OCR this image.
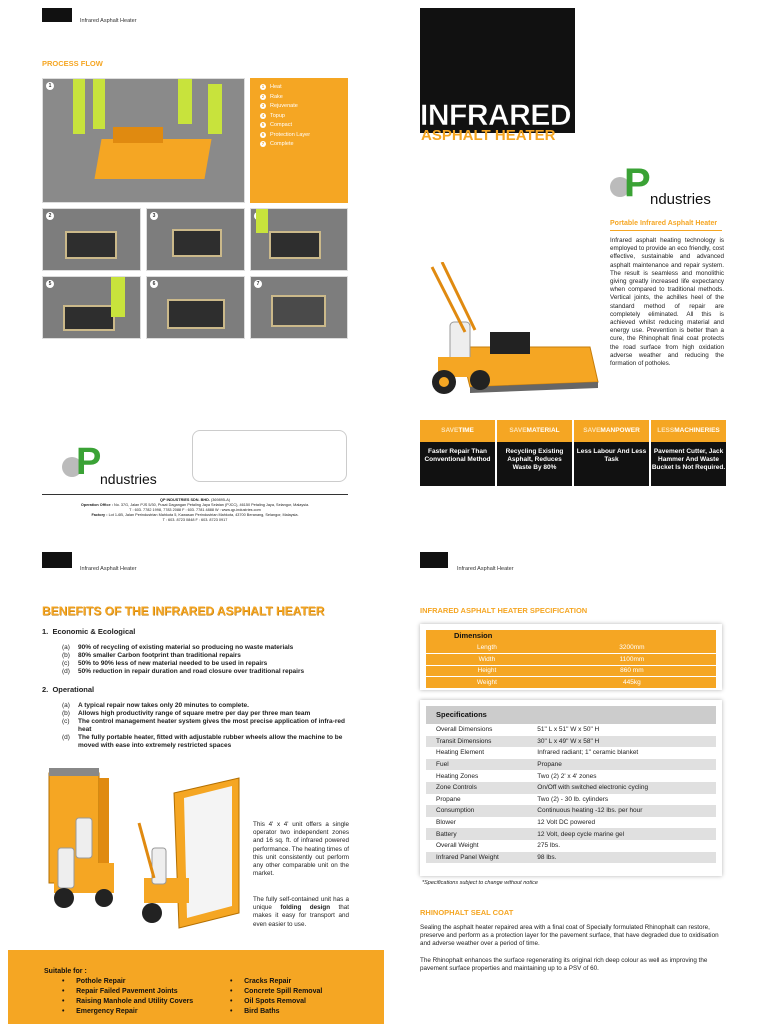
Infrared Asphalt Heater
PROCESS FLOW
1	1	Heat
2	Rake
3	Rejuvenate
4	Topup
5	Compact
6	Protection Layer
7	Complete
2	3
5	6	7
P
ndustries
QP INDUSTRIES SDN. BHD. (369895-A)
Operation Office : No. 37G, Jalan PJS 5/30, Pusat Dagangan Petaling Jaya Selatan (PJCC), 46150 Petaling Jaya, Selangor, Malaysia.
T : 603. 7782 1998, 7783 2088 F : 603. 7781 4888 W : www.qp-industries.com
Factory : Lot 1-6B, Jalan Perindustrian Mahkota 5, Kawasan Perindustrian Mahkota, 43700 Beranang, Selangor, Malaysia.
T : 603. 8723 0848 F : 603. 8723 0917
INFRARED
ASPHALT HEATER
P ndustries
Portable Infrared Asphalt Heater
Infrared asphalt heating technology is employed to provide an eco friendly, cost effective, sustainable and advanced asphalt maintenance and repair system. The result is seamless and monolithic giving greatly increased life expectancy when compared to traditional methods. Vertical joints, the achilles heel of the standard method of repair are completely eliminated. All this is achieved whilst reducing material and energy use. Prevention is better than a cure, the Rhinophalt final coat protects the road surface from high oxidation adverse weather and reducing the formation of potholes.
SAVETIME
Faster Repair Than Conventional Method
SAVEMATERIAL
Recycling Existing Asphalt, Reduces Waste By 80%
SAVEMANPOWER
Less Labour And Less Task
LESSMACHINERIES
Pavement Cutter, Jack Hammer And Waste Bucket Is Not Required.
Infrared Asphalt Heater
BENEFITS OF THE INFRARED ASPHALT HEATER
1. Economic & Ecological
(a)	90% of recycling of existing material so producing no waste materials
(b)	80% smaller Carbon footprint than traditional repairs
(c)	50% to 90% less of new material needed to be used in repairs
(d)	50% reduction in repair duration and road closure over traditional repairs
2. Operational
(a)	A typical repair now takes only 20 minutes to complete.
(b)	Allows high productivity range of square metre per day per three man team
(c)	The control management heater system gives the most precise application of infra-red heat
(d)	The fully portable heater, fitted with adjustable rubber wheels allow the machine to be moved with ease into extremely restricted spaces
This 4' x 4' unit offers a single operator two independent zones and 16 sq. ft. of infrared powered performance. The heating times of this unit consistently out perform any other comparable unit on the market.
The fully self-contained unit has a unique folding design that makes it easy for transport and even easier to use.
Suitable for :
•      Pothole Repair
•      Repair Failed Pavement Joints
•      Raising Manhole and Utility Covers
•      Emergency Repair
•      Cracks Repair
•      Concrete Spill Removal
•      Oil Spots Removal
•      Bird Baths
Infrared Asphalt Heater
INFRARED ASPHALT HEATER SPECIFICATION
Dimension
Length	3200mm
Width	1100mm
Height	860 mm
Weight	445kg
Specifications
Overall Dimensions	51" L x 51" W x 50" H
Transit Dimensions	30" L x 49" W x 58" H
Heating Element	Infrared radiant; 1" ceramic blanket
Fuel	Propane
Heating Zones	Two (2) 2' x 4' zones
Zone Controls	On/Off with switched electronic cycling
Propane	Two (2) - 30 lb. cylinders
Consumption	Continuous heating -12 lbs. per hour
Blower	12 Volt DC powered
Battery	12 Volt, deep cycle marine gel
Overall Weight	275 lbs.
Infrared Panel Weight	98 lbs.
*Specifications subject to change without notice
RHINOPHALT SEAL COAT
Sealing the asphalt heater repaired area with a final coat of Specially formulated Rhinophalt can restore, preserve and perform as a protection layer for the pavement surface, that have degraded due to oxidisation and adverse weather over a period of time.
The Rhinophalt enhances the surface regenerating its original rich deep colour as well as improving the pavement surface properties and maintaining up to a PSV of 60.
